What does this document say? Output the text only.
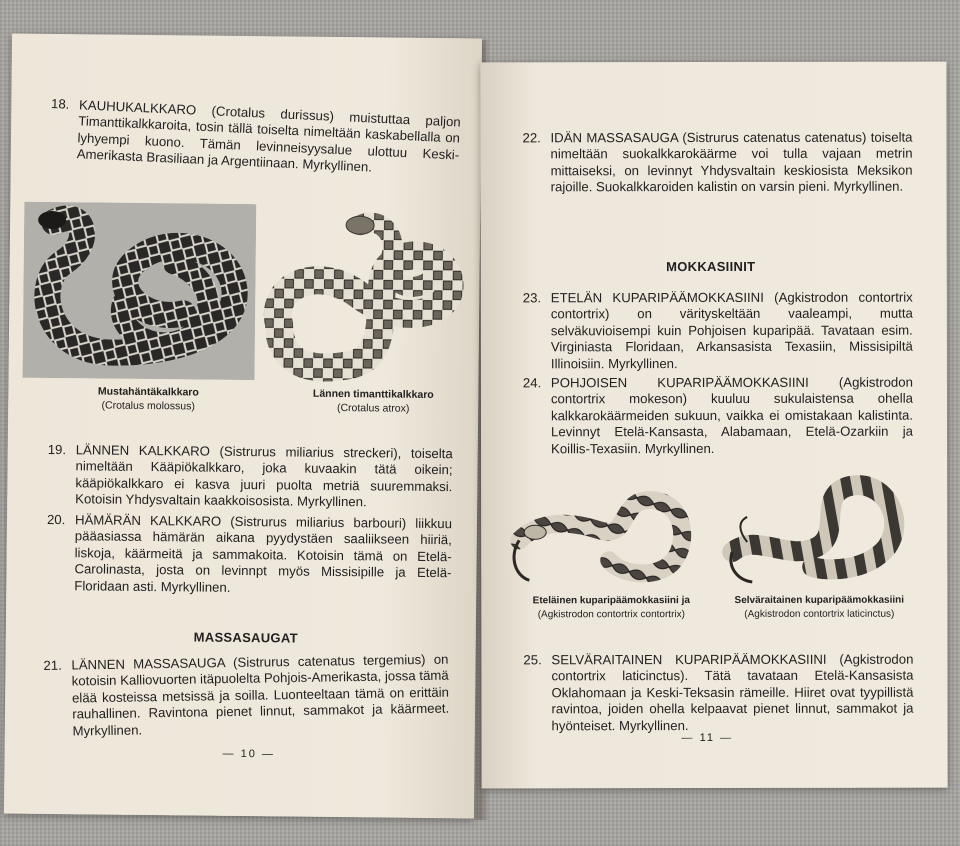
18. KAUHUKALKKARO (Crotalus durissus) muistuttaa paljon Timanttikalkkaroita, tosin tällä toiselta nimeltään kaskabellalla on lyhyempi kuono. Tämän levinneisyysalue ulottuu Keski-Amerikasta Brasiliaan ja Argentiinaan. Myrkyllinen.
Mustahäntäkalkkaro
(Crotalus molossus)
Lännen timanttikalkkaro
(Crotalus atrox)
19. LÄNNEN KALKKARO (Sistrurus miliarius streckeri), toiselta nimeltään Kääpiökalkkaro, joka kuvaakin tätä oikein; kääpiökalkkaro ei kasva juuri puolta metriä suuremmaksi. Kotoisin Yhdysvaltain kaakkoisosista. Myrkyllinen.
20. HÄMÄRÄN KALKKARO (Sistrurus miliarius barbouri) liikkuu pääasiassa hämärän aikana pyydystäen saaliikseen hiiriä, liskoja, käärmeitä ja sammakoita. Kotoisin tämä on Etelä-Carolinasta, josta on levinnpt myös Missisipille ja Etelä-Floridaan asti. Myrkyllinen.
MASSASAUGAT
21. LÄNNEN MASSASAUGA (Sistrurus catenatus tergemius) on kotoisin Kalliovuorten itäpuolelta Pohjois-Amerikasta, jossa tämä elää kosteissa metsissä ja soilla. Luonteeltaan tämä on erittäin rauhallinen. Ravintona pienet linnut, sammakot ja käärmeet. Myrkyllinen.
— 10 —
22. IDÄN MASSASAUGA (Sistrurus catenatus catenatus) toiselta nimeltään suokalkkarokäärme voi tulla vajaan metrin mittaiseksi, on levinnyt Yhdysvaltain keskiosista Meksikon rajoille. Suokalkkaroiden kalistin on varsin pieni. Myrkyllinen.
MOKKASIINIT
23. ETELÄN KUPARIPÄÄMOKKASIINI (Agkistrodon contortrix contortrix) on värityskeltään vaaleampi, mutta selväkuvioisempi kuin Pohjoisen kuparipää. Tavataan esim. Virginiasta Floridaan, Arkansasista Texasiin, Missisipiltä Illinoisiin. Myrkyllinen.
24. POHJOISEN KUPARIPÄÄMOKKASIINI (Agkistrodon contortrix mokeson) kuuluu sukulaistensa ohella kalkkarokäärmeiden sukuun, vaikka ei omistakaan kalistinta. Levinnyt Etelä-Kansasta, Alabamaan, Etelä-Ozarkiin ja Koillis-Texasiin. Myrkyllinen.
Eteläinen kuparipäämokkasiini ja
(Agkistrodon contortrix contortrix)
Selväraitainen kuparipäämokkasiini
(Agkistrodon contortrix laticinctus)
25. SELVÄRAITAINEN KUPARIPÄÄMOKKASIINI (Agkistrodon contortrix laticinctus). Tätä tavataan Etelä-Kansasista Oklahomaan ja Keski-Teksasin rämeille. Hiiret ovat tyypillistä ravintoa, joiden ohella kelpaavat pienet linnut, sammakot ja hyönteiset. Myrkyllinen.
— 11 —
